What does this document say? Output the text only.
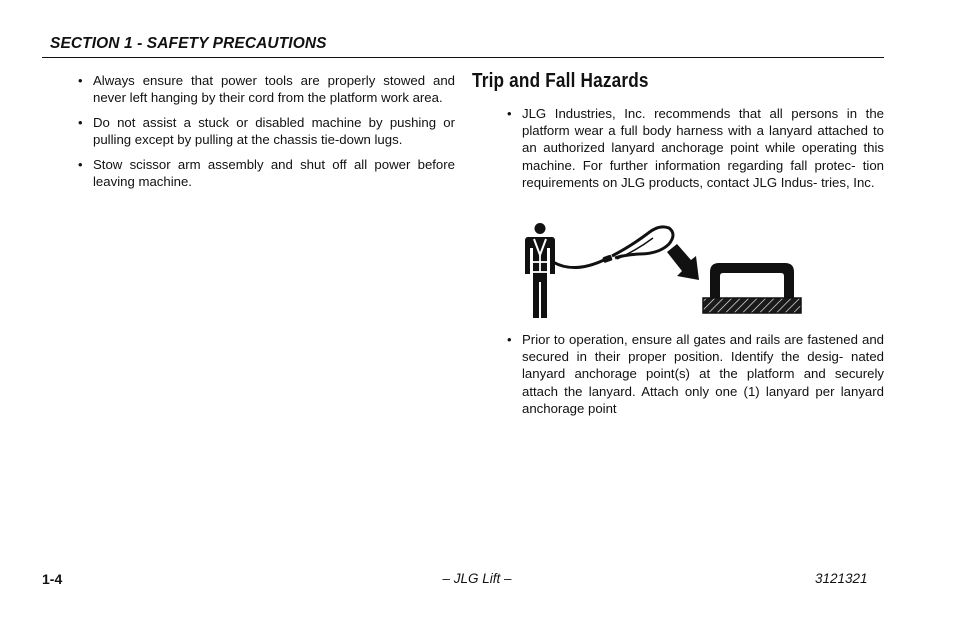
SECTION 1 - SAFETY PRECAUTIONS
• Always ensure that power tools are properly stowed and never left hanging by their cord from the platform work area.
• Do not assist a stuck or disabled machine by pushing or pulling except by pulling at the chassis tie-down lugs.
• Stow scissor arm assembly and shut off all power before leaving machine.
Trip and Fall Hazards
• JLG Industries, Inc. recommends that all persons in the platform wear a full body harness with a lanyard attached to an authorized lanyard anchorage point while operating this machine. For further information regarding fall protec- tion requirements on JLG products, contact JLG Indus- tries, Inc.
• Prior to operation, ensure all gates and rails are fastened and secured in their proper position. Identify the desig- nated lanyard anchorage point(s) at the platform and securely attach the lanyard. Attach only one (1) lanyard per lanyard anchorage point
1-4	– JLG Lift –	3121321
